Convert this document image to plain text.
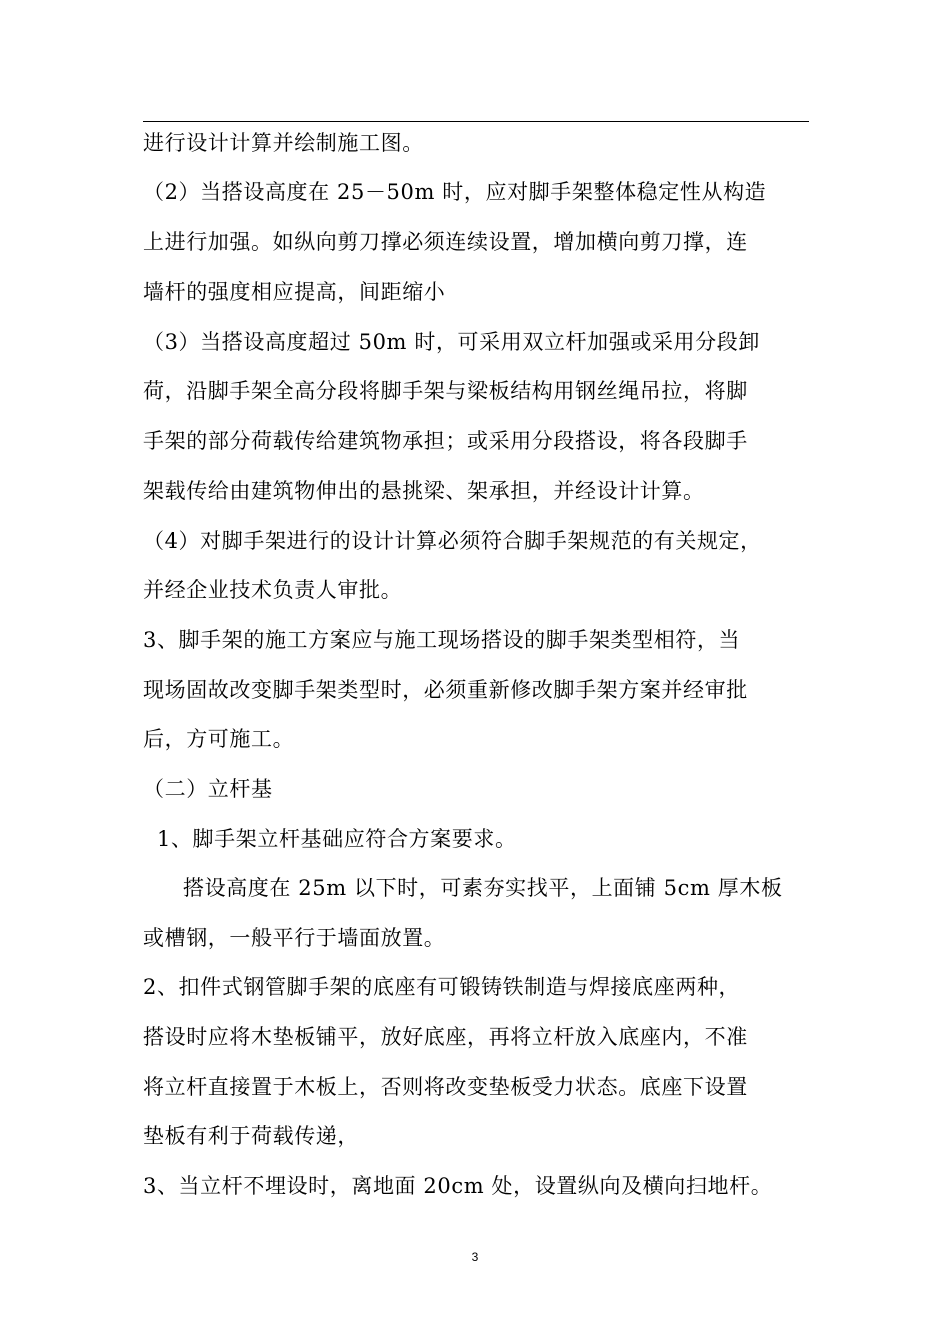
进行设计计算并绘制施工图。
（2）当搭设高度在 25－50m 时，应对脚手架整体稳定性从构造
上进行加强。如纵向剪刀撑必须连续设置，增加横向剪刀撑，连
墙杆的强度相应提高，间距缩小
（3）当搭设高度超过 50m 时，可采用双立杆加强或采用分段卸
荷，沿脚手架全高分段将脚手架与梁板结构用钢丝绳吊拉，将脚
手架的部分荷载传给建筑物承担；或采用分段搭设，将各段脚手
架载传给由建筑物伸出的悬挑梁、架承担，并经设计计算。
（4）对脚手架进行的设计计算必须符合脚手架规范的有关规定，
并经企业技术负责人审批。
3、脚手架的施工方案应与施工现场搭设的脚手架类型相符，当
现场固故改变脚手架类型时，必须重新修改脚手架方案并经审批
后，方可施工。
（二）立杆基
1、脚手架立杆基础应符合方案要求。
搭设高度在 25m 以下时，可素夯实找平，上面铺 5cm 厚木板
或槽钢，一般平行于墙面放置。
2、扣件式钢管脚手架的底座有可锻铸铁制造与焊接底座两种，
搭设时应将木垫板铺平，放好底座，再将立杆放入底座内，不准
将立杆直接置于木板上，否则将改变垫板受力状态。底座下设置
垫板有利于荷载传递，
3、当立杆不埋设时，离地面 20cm 处，设置纵向及横向扫地杆。
3
